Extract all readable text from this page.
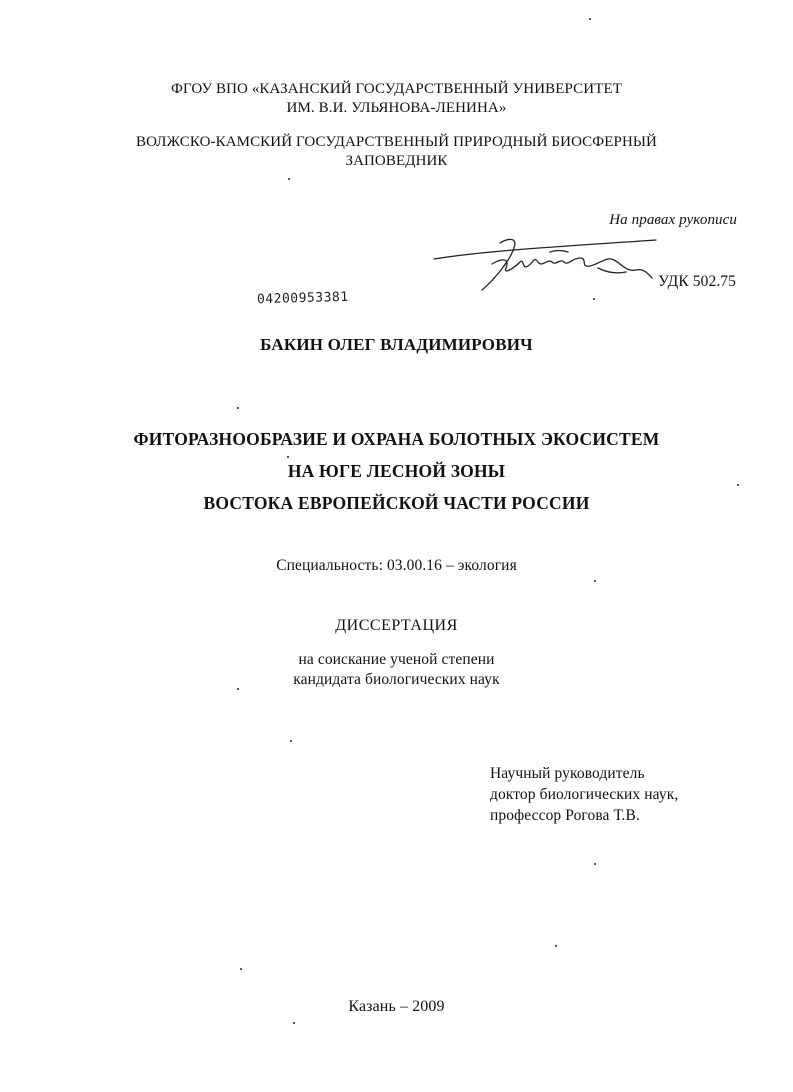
ФГОУ ВПО «КАЗАНСКИЙ ГОСУДАРСТВЕННЫЙ УНИВЕРСИТЕТ
ИМ. В.И. УЛЬЯНОВА-ЛЕНИНА»
ВОЛЖСКО-КАМСКИЙ ГОСУДАРСТВЕННЫЙ ПРИРОДНЫЙ БИОСФЕРНЫЙ
ЗАПОВЕДНИК
На правах рукописи
УДК 502.75
04200953381
БАКИН ОЛЕГ ВЛАДИМИРОВИЧ
ФИТОРАЗНООБРАЗИЕ И ОХРАНА БОЛОТНЫХ ЭКОСИСТЕМ
НА ЮГЕ ЛЕСНОЙ ЗОНЫ
ВОСТОКА ЕВРОПЕЙСКОЙ ЧАСТИ РОССИИ
Специальность: 03.00.16 – экология
ДИССЕРТАЦИЯ
на соискание ученой степени
кандидата биологических наук
Научный руководитель
доктор биологических наук,
профессор Рогова Т.В.
Казань – 2009
